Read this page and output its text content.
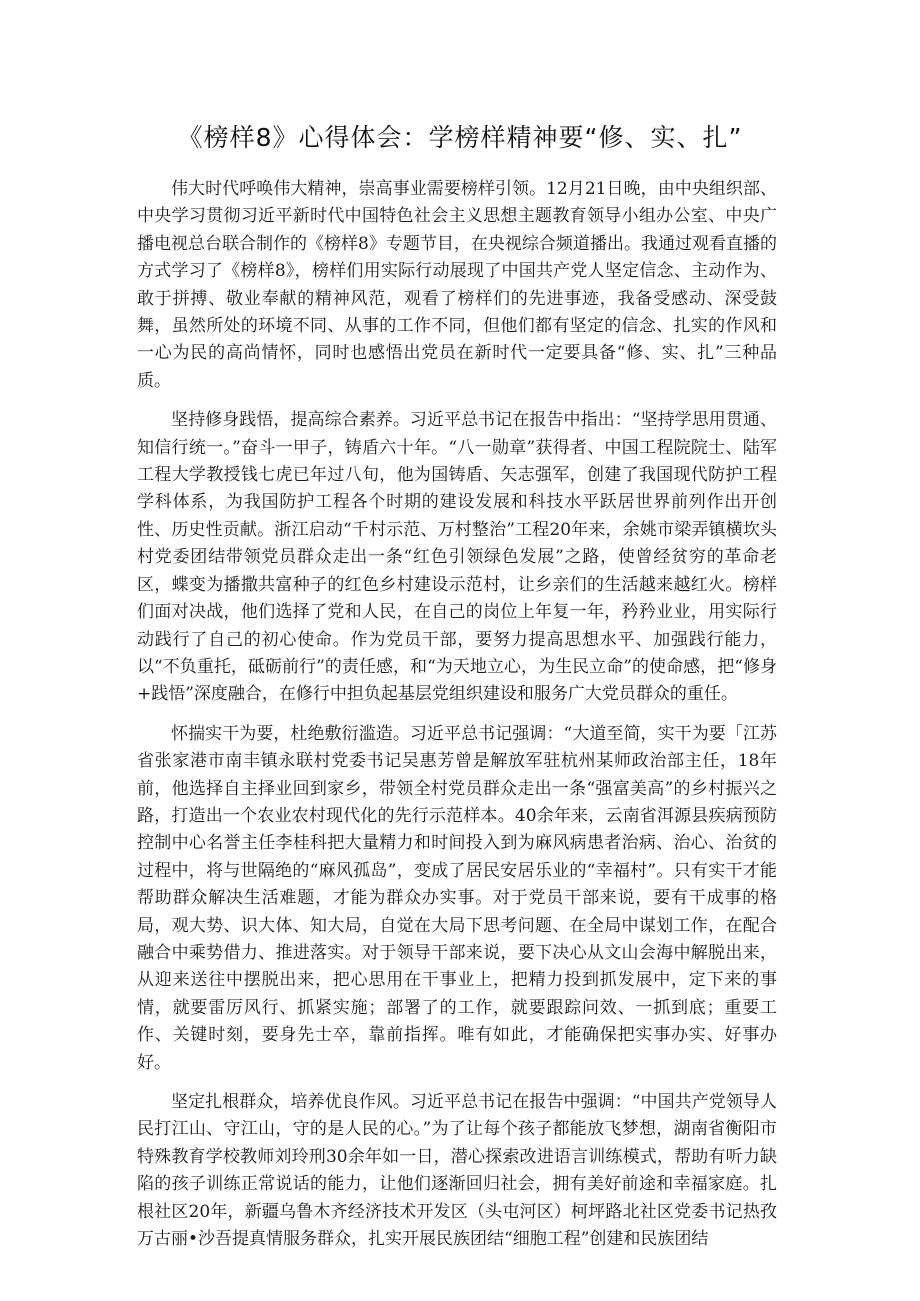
《榜样8》心得体会：学榜样精神要“修、实、扎”

伟大时代呼唤伟大精神，崇高事业需要榜样引领。12月21日晚，由中央组织部、中央学习贯彻习近平新时代中国特色社会主义思想主题教育领导小组办公室、中央广播电视总台联合制作的《榜样8》专题节目，在央视综合频道播出。我通过观看直播的方式学习了《榜样8》，榜样们用实际行动展现了中国共产党人坚定信念、主动作为、敢于拼搏、敬业奉献的精神风范，观看了榜样们的先进事迹，我备受感动、深受鼓舞，虽然所处的环境不同、从事的工作不同，但他们都有坚定的信念、扎实的作风和一心为民的高尚情怀，同时也感悟出党员在新时代一定要具备“修、实、扎”三种品质。

坚持修身践悟，提高综合素养。习近平总书记在报告中指出：“坚持学思用贯通、知信行统一。”奋斗一甲子，铸盾六十年。“八一勋章”获得者、中国工程院院士、陆军工程大学教授钱七虎已年过八旬，他为国铸盾、矢志强军，创建了我国现代防护工程学科体系，为我国防护工程各个时期的建设发展和科技水平跃居世界前列作出开创性、历史性贡献。浙江启动“千村示范、万村整治”工程20年来，余姚市梁弄镇横坎头村党委团结带领党员群众走出一条“红色引领绿色发展”之路，使曾经贫穷的革命老区，蝶变为播撒共富种子的红色乡村建设示范村，让乡亲们的生活越来越红火。榜样们面对决战，他们选择了党和人民，在自己的岗位上年复一年，矜矜业业，用实际行动践行了自己的初心使命。作为党员干部，要努力提高思想水平、加强践行能力，以“不负重托，砥砺前行”的责任感，和“为天地立心，为生民立命”的使命感，把“修身+践悟”深度融合，在修行中担负起基层党组织建设和服务广大党员群众的重任。

怀揣实干为要，杜绝敷衍滥造。习近平总书记强调：“大道至简，实干为要「江苏省张家港市南丰镇永联村党委书记吴惠芳曾是解放军驻杭州某师政治部主任，18年前，他选择自主择业回到家乡，带领全村党员群众走出一条“强富美高”的乡村振兴之路，打造出一个农业农村现代化的先行示范样本。40余年来，云南省洱源县疾病预防控制中心名誉主任李桂科把大量精力和时间投入到为麻风病患者治病、治心、治贫的过程中，将与世隔绝的“麻风孤岛”，变成了居民安居乐业的“幸福村”。只有实干才能帮助群众解决生活难题，才能为群众办实事。对于党员干部来说，要有干成事的格局，观大势、识大体、知大局，自觉在大局下思考问题、在全局中谋划工作，在配合融合中乘势借力、推进落实。对于领导干部来说，要下决心从文山会海中解脱出来，从迎来送往中摆脱出来，把心思用在干事业上，把精力投到抓发展中，定下来的事情，就要雷厉风行、抓紧实施；部署了的工作，就要跟踪问效、一抓到底；重要工作、关键时刻，要身先士卒，靠前指挥。唯有如此，才能确保把实事办实、好事办好。

坚定扎根群众，培养优良作风。习近平总书记在报告中强调：“中国共产党领导人民打江山、守江山，守的是人民的心。”为了让每个孩子都能放飞梦想，湖南省衡阳市特殊教育学校教师刘玲刑30余年如一日，潜心探索改进语言训练模式，帮助有听力缺陷的孩子训练正常说话的能力，让他们逐渐回归社会，拥有美好前途和幸福家庭。扎根社区20年，新疆乌鲁木齐经济技术开发区（头屯河区）柯坪路北社区党委书记热孜万古丽•沙吾提真情服务群众，扎实开展民族团结“细胞工程”创建和民族团结
